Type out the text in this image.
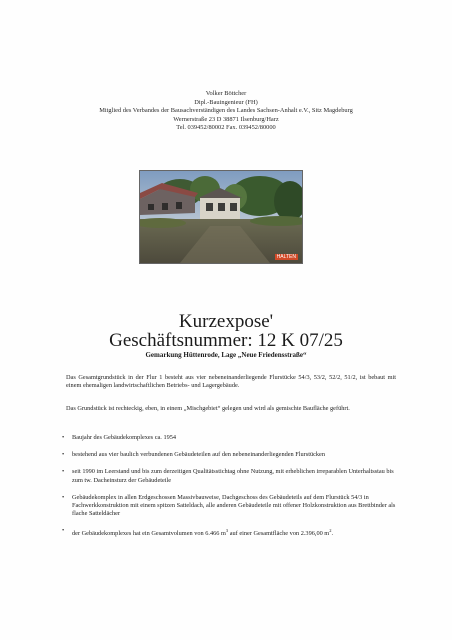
Volker Böttcher
Dipl.-Bauingenieur (FH)
Mitglied des Verbandes der Bausachverständigen des Landes Sachsen-Anhalt e.V., Sitz Magdeburg
Wernerstraße 23 D 38871 Ilsenburg/Harz
Tel. 039452/80002 Fax. 039452/80000
HALTEN
Kurzexpose'
Geschäftsnummer: 12 K 07/25
Gemarkung Hüttenrode, Lage „Neue Friedensstraße“
Das Gesamtgrundstück in der Flur 1 besteht aus vier nebeneinanderliegende Flurstücke 54/3, 53/2, 52/2, 51/2, ist bebaut mit einem ehemaligen landwirtschaftlichen Betriebs- und Lagergebäude.
Das Grundstück ist rechteckig, eben, in einem „Mischgebiet“ gelegen und wird als gemischte Baufläche geführt.
• Baujahr des Gebäudekomplexes ca. 1954
• bestehend aus vier baulich verbundenen Gebäudeteilen auf den nebeneinanderliegenden Flurstücken
• seit 1990 im Leerstand und bis zum derzeitigen Qualitätsstichtag ohne Nutzung, mit erheblichen irreparablen Unterhaltsstau bis zum tw. Dacheinsturz der Gebäudeteile
• Gebäudekomplex in allen Erdgeschossen Massivbauweise, Dachgeschoss des Gebäudeteils auf dem Flurstück 54/3 in Fachwerkkonstruktion mit einem spitzen Satteldach, alle anderen Gebäudeteile mit offener Holzkonstruktion aus Brettbinder als flache Satteldächer
• der Gebäudekomplexes hat ein Gesamtvolumen von 6.466 $m^3$ auf einer Gesamtfläche von 2.396,00 $m^2$.
